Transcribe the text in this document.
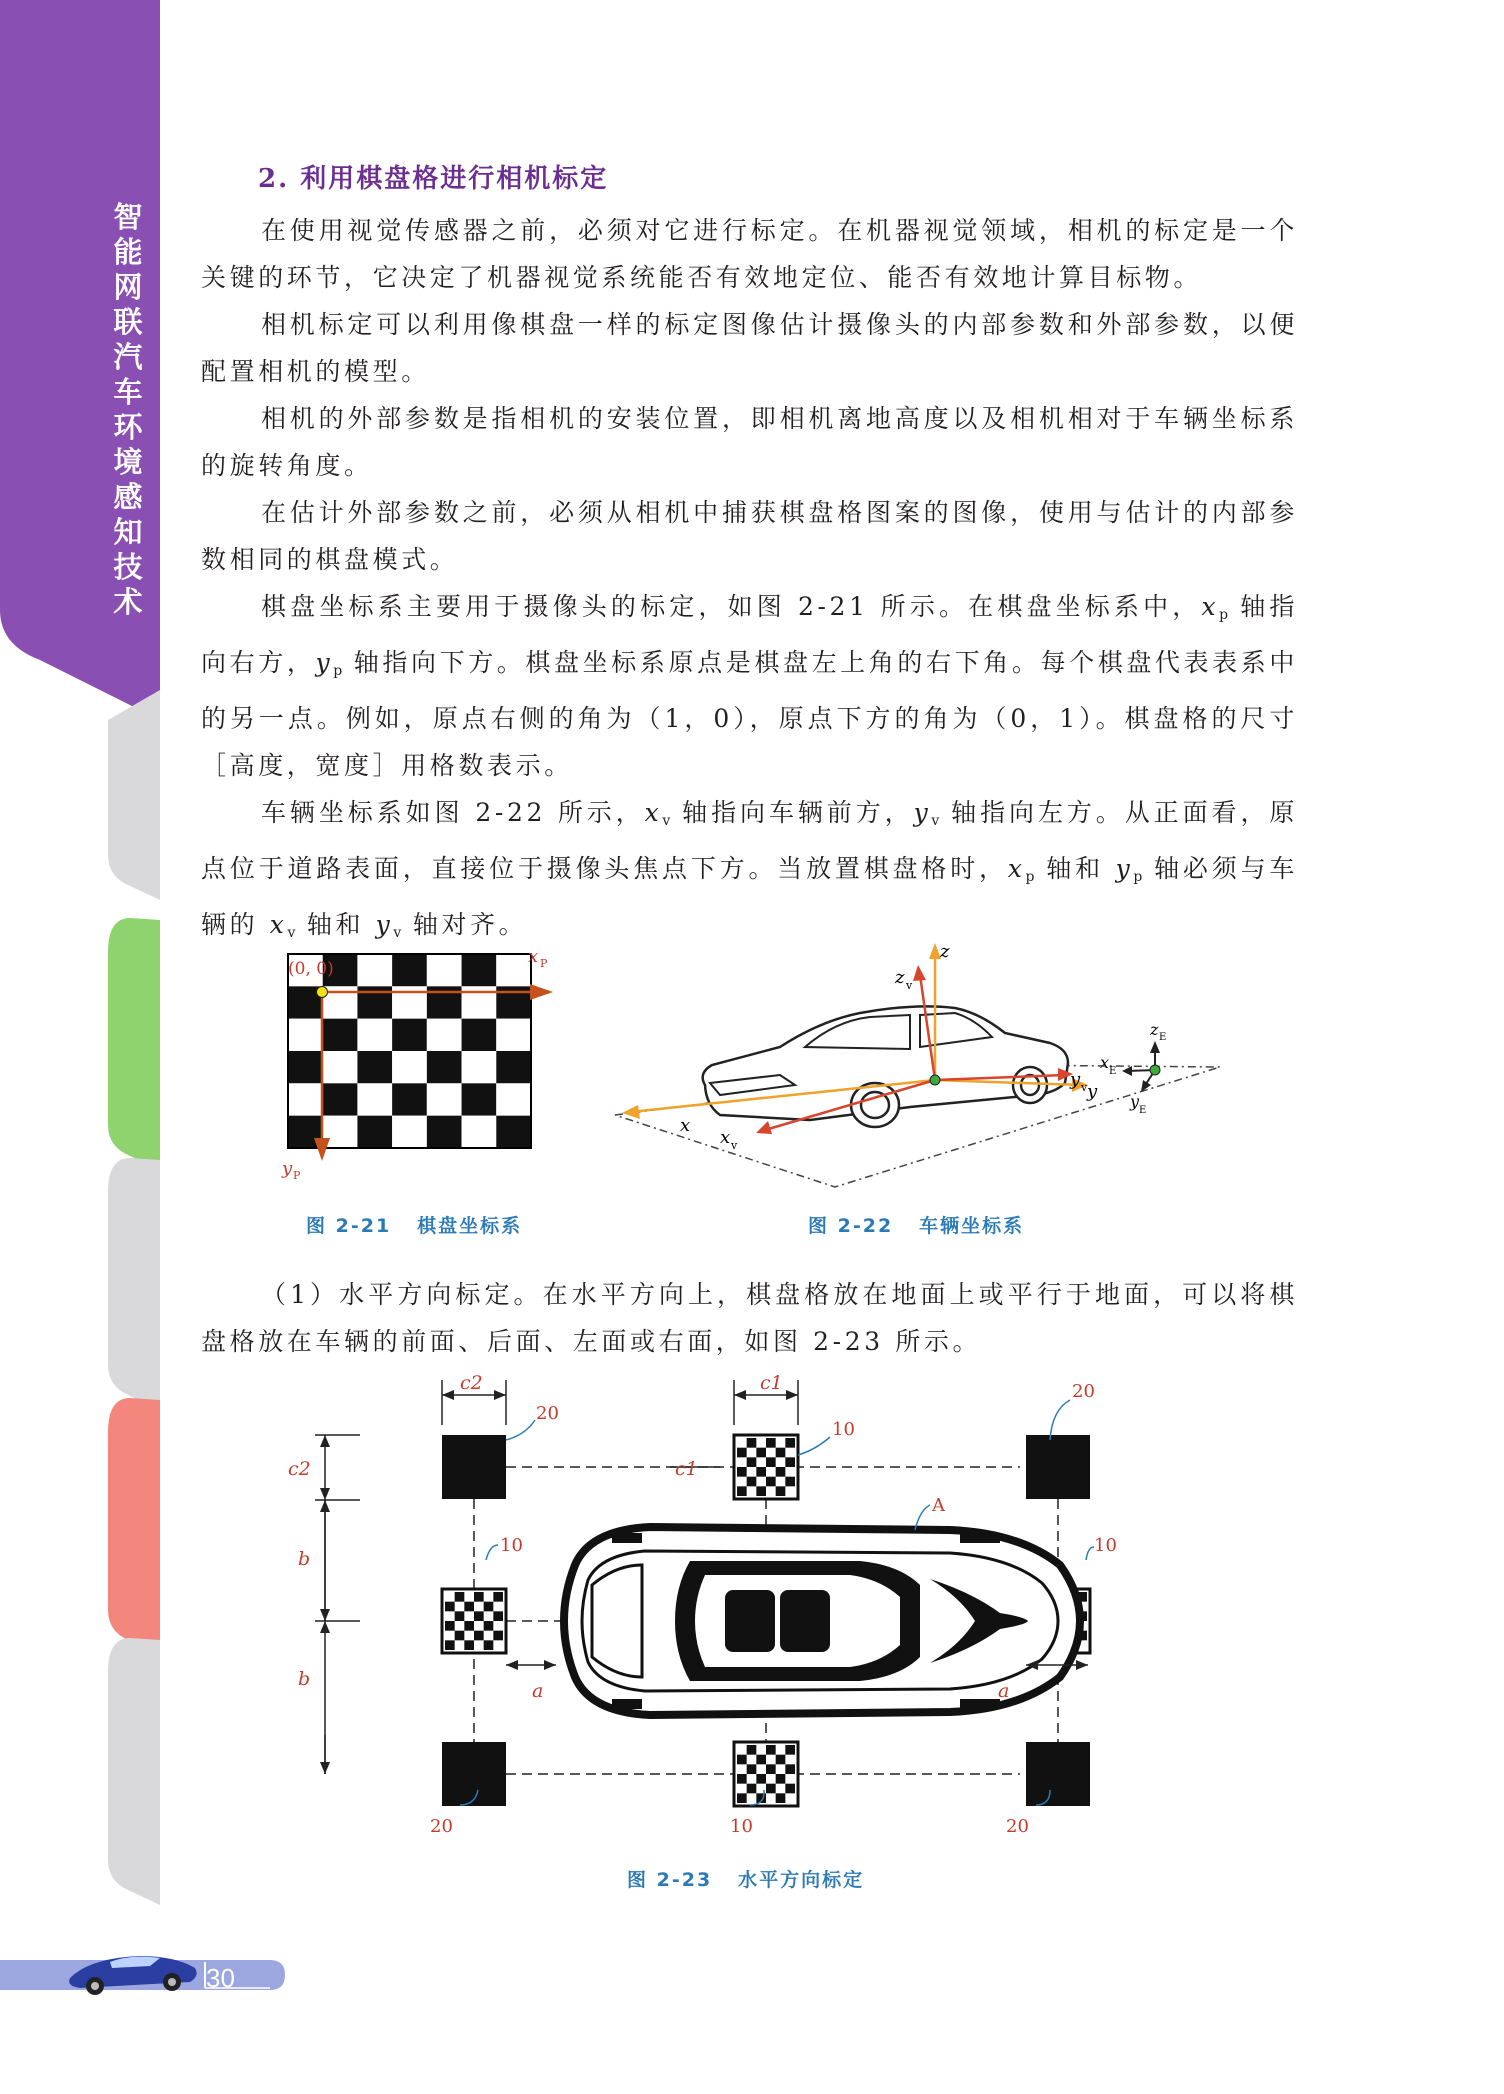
智
能
网
联
汽
车
环
境
感
知
技
术
2. 利用棋盘格进行相机标定

在使用视觉传感器之前，必须对它进行标定。在机器视觉领域，相机的标定是一个关键的环节，它决定了机器视觉系统能否有效地定位、能否有效地计算目标物。

相机标定可以利用像棋盘一样的标定图像估计摄像头的内部参数和外部参数，以便配置相机的模型。

相机的外部参数是指相机的安装位置，即相机离地高度以及相机相对于车辆坐标系的旋转角度。

在估计外部参数之前，必须从相机中捕获棋盘格图案的图像，使用与估计的内部参数相同的棋盘模式。

棋盘坐标系主要用于摄像头的标定，如图 2-21 所示。在棋盘坐标系中，$x_p$ 轴指向右方，$y_p$ 轴指向下方。棋盘坐标系原点是棋盘左上角的右下角。每个棋盘代表表系中的另一点。例如，原点右侧的角为（1，0），原点下方的角为（0，1）。棋盘格的尺寸［高度，宽度］用格数表示。

车辆坐标系如图 2-22 所示，$x_v$ 轴指向车辆前方，$y_v$ 轴指向左方。从正面看，原点位于道路表面，直接位于摄像头焦点下方。当放置棋盘格时，$x_p$ 轴和 $y_p$ 轴必须与车辆的 $x_v$ 轴和 $y_v$ 轴对齐。

(0, 0)
x P
y P
图 2-21 棋盘坐标系
z
z v
y
y v
x
x v
z E
x E
y E
图 2-22 车辆坐标系

（1）水平方向标定。在水平方向上，棋盘格放在地面上或平行于地面，可以将棋盘格放在车辆的前面、后面、左面或右面，如图 2-23 所示。

c2
c2
c1
c1
b
b
a	a
20
20
20	20
10
10	10
10
A
图 2-23 水平方向标定
30
